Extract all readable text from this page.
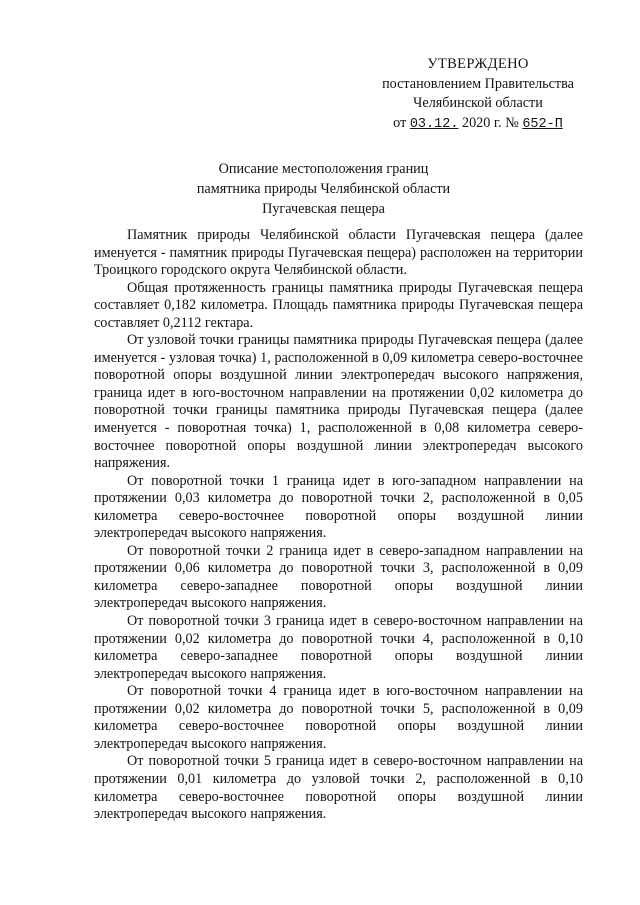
УТВЕРЖДЕНО
постановлением Правительства
Челябинской области
от 03.12. 2020 г. № 652-П
Описание местоположения границ
памятника природы Челябинской области
Пугачевская пещера

Памятник природы Челябинской области Пугачевская пещера (далее именуется - памятник природы Пугачевская пещера) расположен на территории Троицкого городского округа Челябинской области.

Общая протяженность границы памятника природы Пугачевская пещера составляет 0,182 километра. Площадь памятника природы Пугачевская пещера составляет 0,2112 гектара.

От узловой точки границы памятника природы Пугачевская пещера (далее именуется - узловая точка) 1, расположенной в 0,09 километра северо-восточнее поворотной опоры воздушной линии электропередач высокого напряжения, граница идет в юго-восточном направлении на протяжении 0,02 километра до поворотной точки границы памятника природы Пугачевская пещера (далее именуется - поворотная точка) 1, расположенной в 0,08 километра северо-восточнее поворотной опоры воздушной линии электропередач высокого напряжения.

От поворотной точки 1 граница идет в юго-западном направлении на протяжении 0,03 километра до поворотной точки 2, расположенной в 0,05 километра северо-восточнее поворотной опоры воздушной линии электропередач высокого напряжения.

От поворотной точки 2 граница идет в северо-западном направлении на протяжении 0,06 километра до поворотной точки 3, расположенной в 0,09 километра северо-западнее поворотной опоры воздушной линии электропередач высокого напряжения.

От поворотной точки 3 граница идет в северо-восточном направлении на протяжении 0,02 километра до поворотной точки 4, расположенной в 0,10 километра северо-западнее поворотной опоры воздушной линии электропередач высокого напряжения.

От поворотной точки 4 граница идет в юго-восточном направлении на протяжении 0,02 километра до поворотной точки 5, расположенной в 0,09 километра северо-восточнее поворотной опоры воздушной линии электропередач высокого напряжения.

От поворотной точки 5 граница идет в северо-восточном направлении на протяжении 0,01 километра до узловой точки 2, расположенной в 0,10 километра северо-восточнее поворотной опоры воздушной линии электропередач высокого напряжения.
